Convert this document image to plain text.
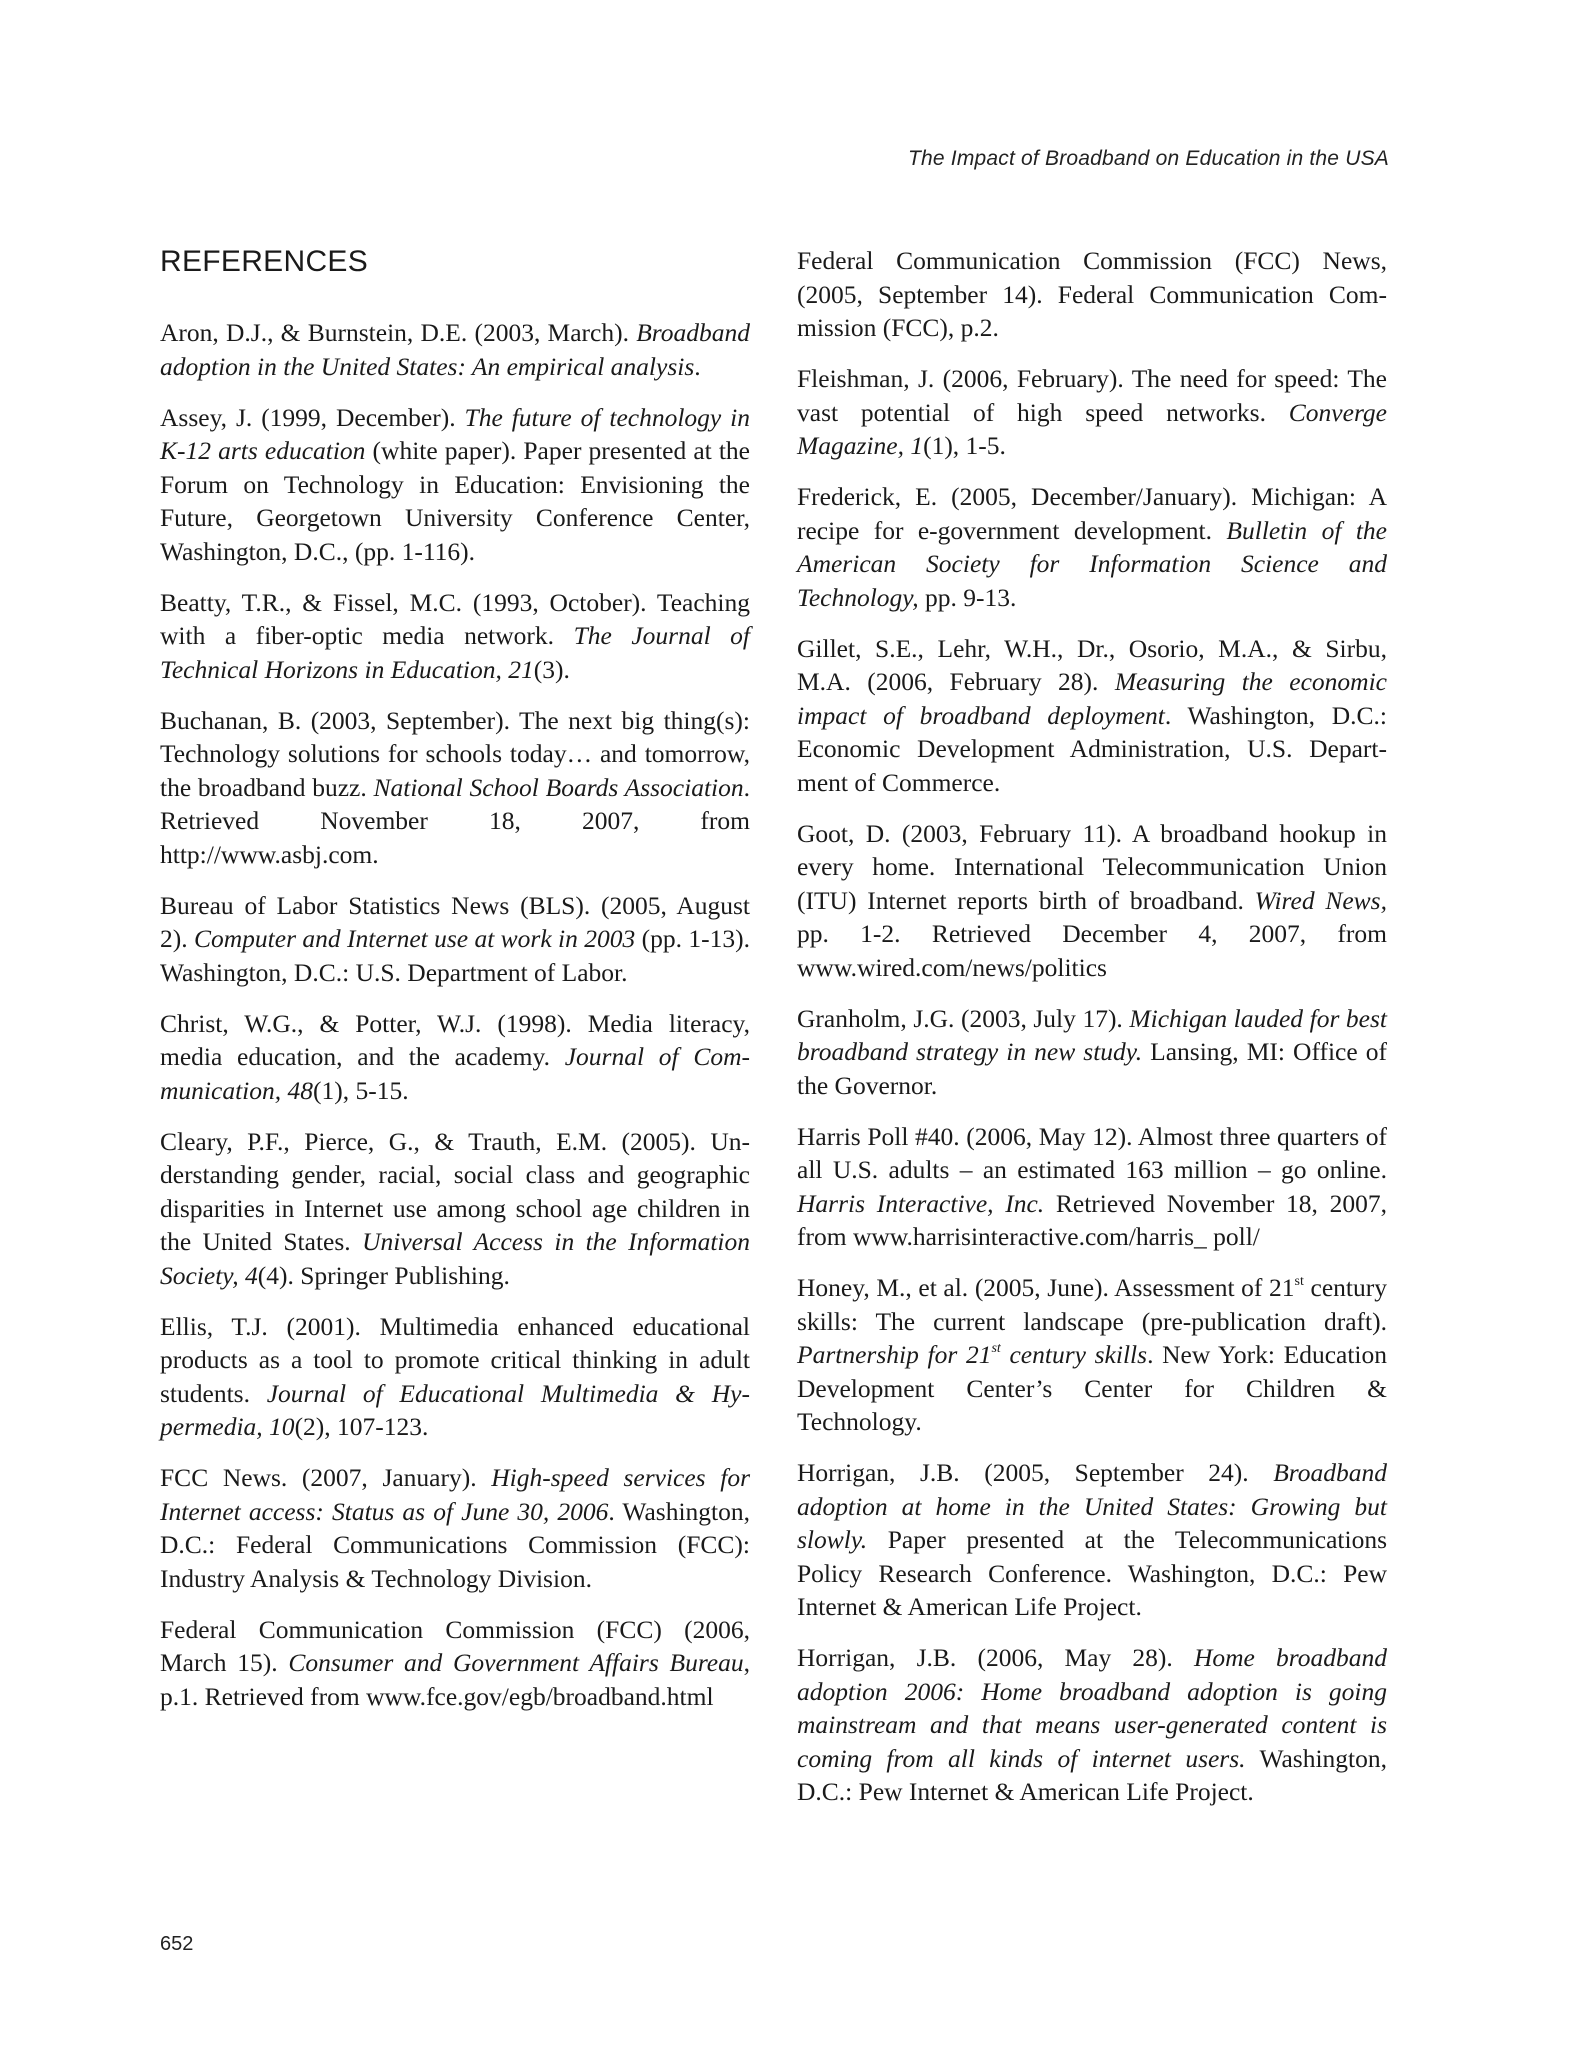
The Impact of Broadband on Education in the USA
REFERENCES

Aron, D.J., & Burnstein, D.E. (2003, March). Broadband adoption in the United States: An empirical analysis.

Assey, J. (1999, December). The future of technology in K-12 arts education (white paper). Paper presented at the Forum on Technology in Education: Envisioning the Future, Georgetown University Conference Center, Washington, D.C., (pp. 1-116).

Beatty, T.R., & Fissel, M.C. (1993, October). Teaching with a fiber-optic media network. The Journal of Technical Horizons in Education, 21(3).

Buchanan, B. (2003, September). The next big thing(s): Technology solutions for schools today… and tomorrow, the broadband buzz. National School Boards Association. Retrieved November 18, 2007, from http://www.asbj.com.

Bureau of Labor Statistics News (BLS). (2005, August 2). Computer and Internet use at work in 2003 (pp. 1-13). Washington, D.C.: U.S. Department of Labor.

Christ, W.G., & Potter, W.J. (1998). Media literacy, media education, and the academy. Journal of Communication, 48(1), 5-15.

Cleary, P.F., Pierce, G., & Trauth, E.M. (2005). Understanding gender, racial, social class and geographic disparities in Internet use among school age children in the United States. Universal Access in the Information Society, 4(4). Springer Publishing.

Ellis, T.J. (2001). Multimedia enhanced educational products as a tool to promote critical thinking in adult students. Journal of Educational Multimedia & Hypermedia, 10(2), 107-123.

FCC News. (2007, January). High-speed services for Internet access: Status as of June 30, 2006. Washington, D.C.: Federal Communications Commission (FCC): Industry Analysis & Technology Division.

Federal Communication Commission (FCC) (2006, March 15). Consumer and Government Affairs Bureau, p.1. Retrieved from www.fce.gov/egb/broadband.html

Federal Communication Commission (FCC) News, (2005, September 14). Federal Communication Commission (FCC), p.2.

Fleishman, J. (2006, February). The need for speed: The vast potential of high speed networks. Converge Magazine, 1(1), 1-5.

Frederick, E. (2005, December/January). Michigan: A recipe for e-government development. Bulletin of the American Society for Information Science and Technology, pp. 9-13.

Gillet, S.E., Lehr, W.H., Dr., Osorio, M.A., & Sirbu, M.A. (2006, February 28). Measuring the economic impact of broadband deployment. Washington, D.C.: Economic Development Administration, U.S. Department of Commerce.

Goot, D. (2003, February 11). A broadband hookup in every home. International Telecommunication Union (ITU) Internet reports birth of broadband. Wired News, pp. 1-2. Retrieved December 4, 2007, from www.wired.com/news/politics

Granholm, J.G. (2003, July 17). Michigan lauded for best broadband strategy in new study. Lansing, MI: Office of the Governor.

Harris Poll #40. (2006, May 12). Almost three quarters of all U.S. adults – an estimated 163 million – go online. Harris Interactive, Inc. Retrieved November 18, 2007, from www.harrisinteractive.com/harris_ poll/

Honey, M., et al. (2005, June). Assessment of 21st century skills: The current landscape (pre-publication draft). Partnership for 21st century skills. New York: Education Development Center’s Center for Children & Technology.

Horrigan, J.B. (2005, September 24). Broadband adoption at home in the United States: Growing but slowly. Paper presented at the Telecommunications Policy Research Conference. Washington, D.C.: Pew Internet & American Life Project.

Horrigan, J.B. (2006, May 28). Home broadband adoption 2006: Home broadband adoption is going mainstream and that means user-generated content is coming from all kinds of internet users. Washington, D.C.: Pew Internet & American Life Project.

652
